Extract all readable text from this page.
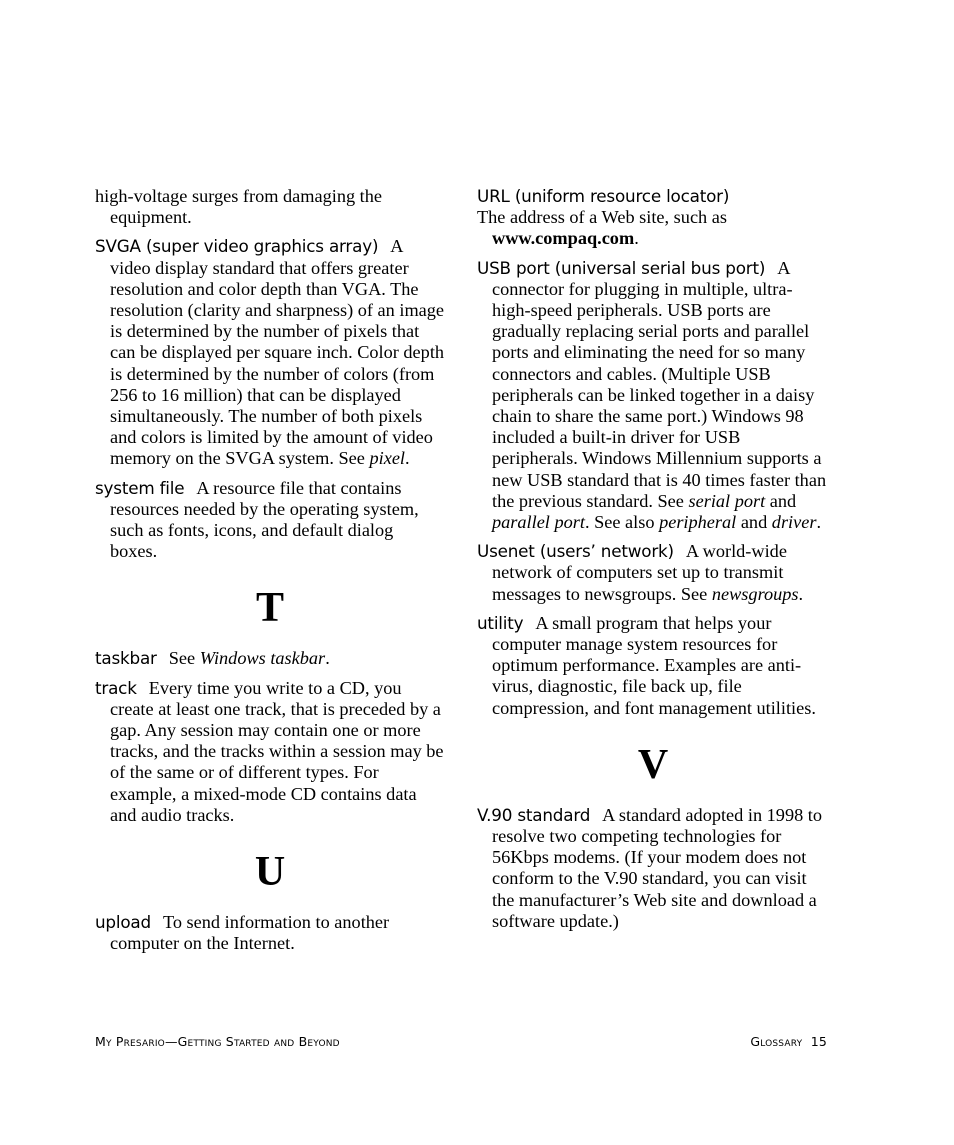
high-voltage surges from damaging the equipment.

SVGA (super video graphics array) A video display standard that offers greater resolution and color depth than VGA. The resolution (clarity and sharpness) of an image is determined by the number of pixels that can be displayed per square inch. Color depth is determined by the number of colors (from 256 to 16 million) that can be displayed simultaneously. The number of both pixels and colors is limited by the amount of video memory on the SVGA system. See pixel.

system file A resource file that contains resources needed by the operating system, such as fonts, icons, and default dialog boxes.

T

taskbar See Windows taskbar.

track Every time you write to a CD, you create at least one track, that is preceded by a gap. Any session may contain one or more tracks, and the tracks within a session may be of the same or of different types. For example, a mixed-mode CD contains data and audio tracks.

U

upload To send information to another computer on the Internet.

URL (uniform resource locator)
The address of a Web site, such as www.compaq.com.

USB port (universal serial bus port) A connector for plugging in multiple, ultra-high-speed peripherals. USB ports are gradually replacing serial ports and parallel ports and eliminating the need for so many connectors and cables. (Multiple USB peripherals can be linked together in a daisy chain to share the same port.) Windows 98 included a built-in driver for USB peripherals. Windows Millennium supports a new USB standard that is 40 times faster than the previous standard. See serial port and parallel port. See also peripheral and driver.

Usenet (users’ network) A world-wide network of computers set up to transmit messages to newsgroups. See newsgroups.

utility A small program that helps your computer manage system resources for optimum performance. Examples are anti-virus, diagnostic, file back up, file compression, and font management utilities.

V

V.90 standard A standard adopted in 1998 to resolve two competing technologies for 56Kbps modems. (If your modem does not conform to the V.90 standard, you can visit the manufacturer’s Web site and download a software update.)

My Presario—Getting Started and Beyond	Glossary 15
